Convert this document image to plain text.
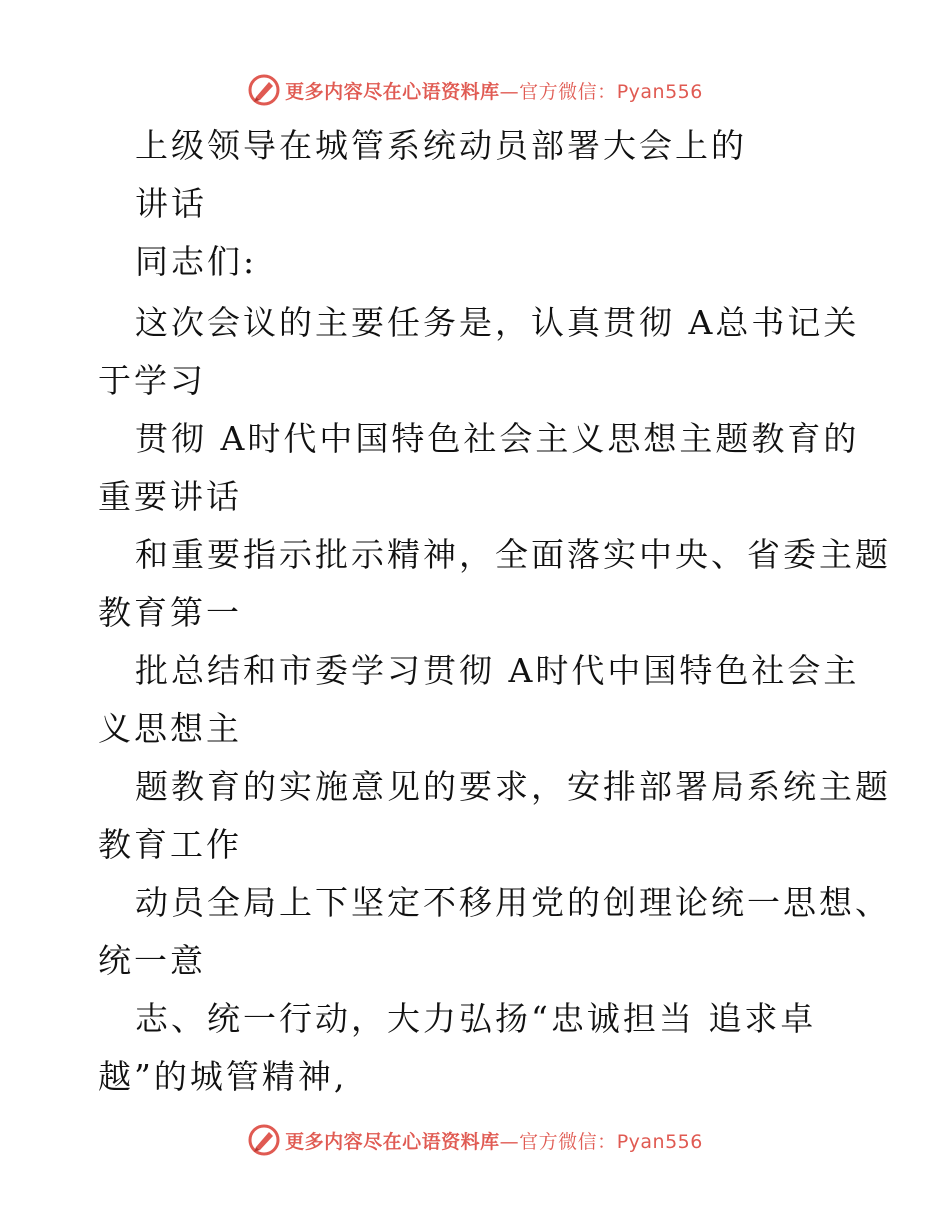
更多内容尽在心语资料库—官方微信：Pyan556
上级领导在城管系统动员部署大会上的
讲话
同志们:
这次会议的主要任务是，认真贯彻 A总书记关
于学习
贯彻 A时代中国特色社会主义思想主题教育的
重要讲话
和重要指示批示精神，全面落实中央、省委主题
教育第一
批总结和市委学习贯彻 A时代中国特色社会主
义思想主
题教育的实施意见的要求，安排部署局系统主题
教育工作
动员全局上下坚定不移用党的创理论统一思想、
统一意
志、统一行动，大力弘扬“忠诚担当 追求卓
越”的城管精神,
更多内容尽在心语资料库—官方微信：Pyan556
